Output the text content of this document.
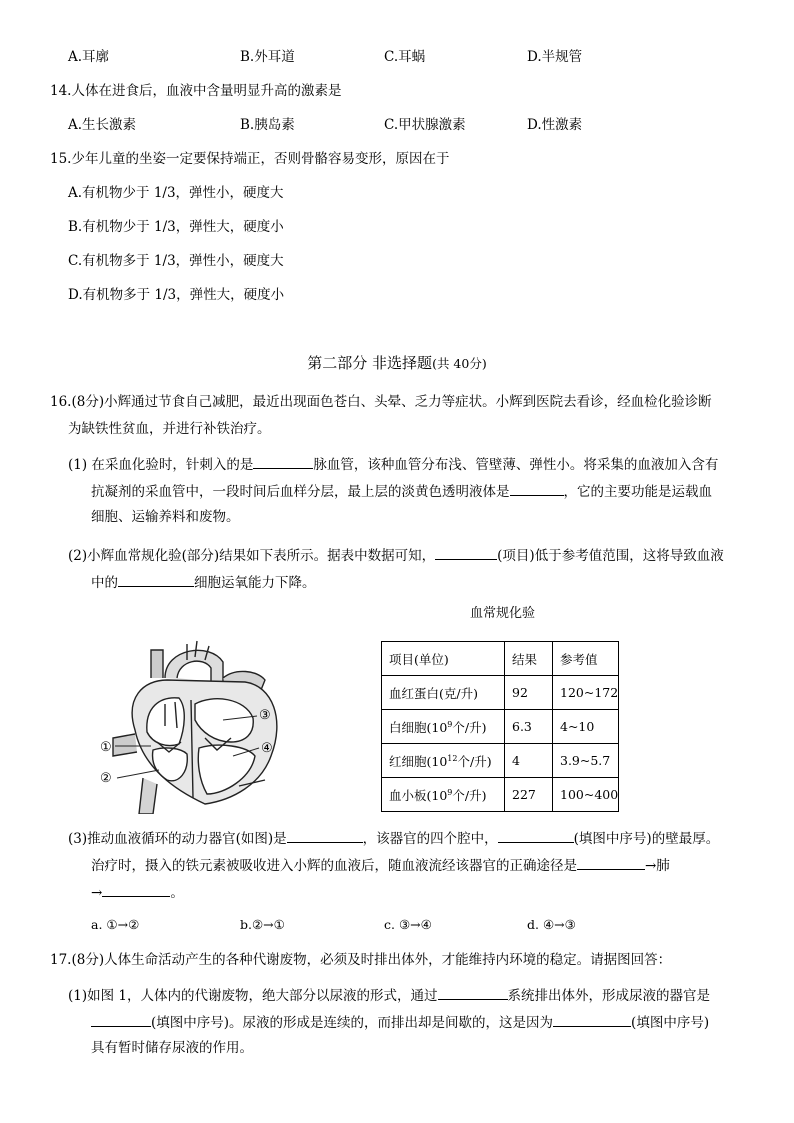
A.耳廓	B.外耳道	C.耳蜗	D.半规管
14.人体在进食后，血液中含量明显升高的激素是
A.生长激素	B.胰岛素	C.甲状腺激素	D.性激素
15.少年儿童的坐姿一定要保持端正，否则骨骼容易变形，原因在于
A.有机物少于 1/3，弹性小，硬度大
B.有机物少于 1/3，弹性大，硬度小
C.有机物多于 1/3，弹性小，硬度大
D.有机物多于 1/3，弹性大，硬度小
第二部分 非选择题(共 40分)
16.(8分)小辉通过节食自己减肥，最近出现面色苍白、头晕、乏力等症状。小辉到医院去看诊，经血检化验诊断
为缺铁性贫血，并进行补铁治疗。
(1) 在采血化验时，针刺入的是	脉血管，该种血管分布浅、管壁薄、弹性小。将采集的血液加入含有
抗凝剂的采血管中，一段时间后血样分层，最上层的淡黄色透明液体是	，它的主要功能是运载血
细胞、运输养料和废物。
(2)小辉血常规化验(部分)结果如下表所示。据表中数据可知，	(项目)低于参考值范围，这将导致血液
中的	细胞运氧能力下降。
①
②
③
④
血常规化验
项目(单位)	结果	参考值
血红蛋白(克/升)	92	120~172
白细胞($10^9$个/升)	6.3	4~10
红细胞($10^{12}$个/升)	4	3.9~5.7
血小板($10^9$个/升)	227	100~400
(3)推动血液循环的动力器官(如图)是	，该器官的四个腔中，	(填图中序号)的壁最厚。
治疗时，摄入的铁元素被吸收进入小辉的血液后，随血液流经该器官的正确途径是	→肺
→	。
a. ①→②	b.②→①	c. ③→④	d. ④→③
17.(8分)人体生命活动产生的各种代谢废物，必须及时排出体外，才能维持内环境的稳定。请据图回答：
(1)如图 1，人体内的代谢废物，绝大部分以尿液的形式，通过	系统排出体外，形成尿液的器官是
(填图中序号)。尿液的形成是连续的，而排出却是间歇的，这是因为	(填图中序号)
具有暂时储存尿液的作用。
